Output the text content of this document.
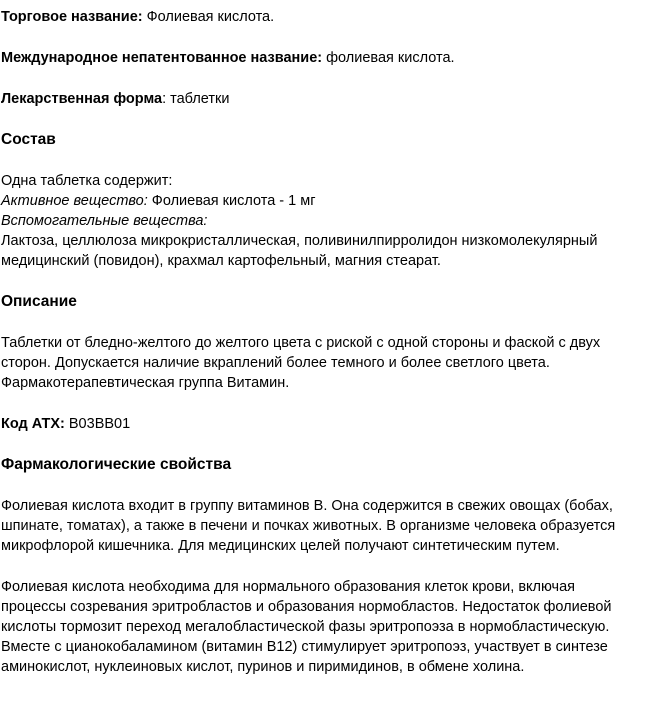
Торговое название: Фолиевая кислота.

Международное непатентованное название: фолиевая кислота.

Лекарственная форма: таблетки

Состав

Одна таблетка содержит:

Активное вещество: Фолиевая кислота - 1 мг

Вспомогательные вещества:

Лактоза, целлюлоза микрокристаллическая, поливинилпирролидон низкомолекулярный

медицинский (повидон), крахмал картофельный, магния стеарат.

Описание

Таблетки от бледно-желтого до желтого цвета с риской с одной стороны и фаской с двух

сторон. Допускается наличие вкраплений более темного и более светлого цвета.

Фармакотерапевтическая группа Витамин.

Код АТХ: B03BB01

Фармакологические свойства

Фолиевая кислота входит в группу витаминов В. Она содержится в свежих овощах (бобах,

шпинате, томатах), а также в печени и почках животных. В организме человека образуется

микрофлорой кишечника. Для медицинских целей получают синтетическим путем.

Фолиевая кислота необходима для нормального образования клеток крови, включая

процессы созревания эритробластов и образования нормобластов. Недостаток фолиевой

кислоты тормозит переход мегалобластической фазы эритропоэза в нормобластическую.

Вместе с цианокобаламином (витамин В12) стимулирует эритропоэз, участвует в синтезе

аминокислот, нуклеиновых кислот, пуринов и пиримидинов, в обмене холина.
